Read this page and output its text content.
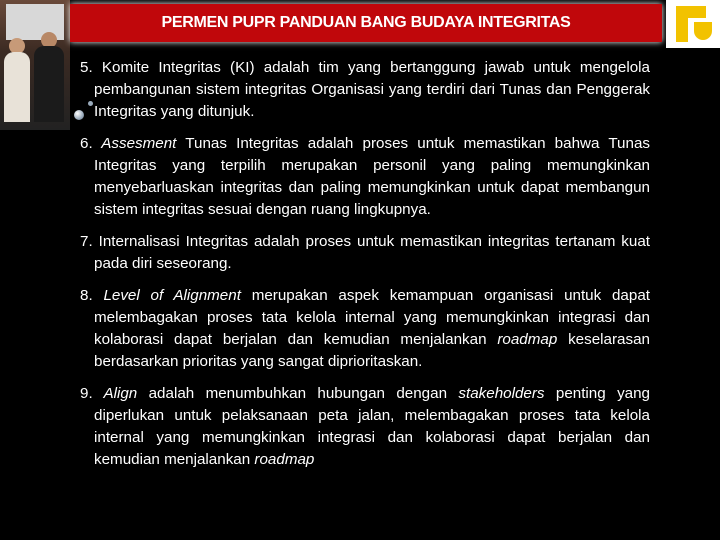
PERMEN PUPR PANDUAN BANG BUDAYA INTEGRITAS

5. Komite Integritas (KI) adalah tim yang bertanggung jawab untuk mengelola pembangunan sistem integritas Organisasi yang terdiri dari Tunas dan Penggerak Integritas yang ditunjuk.

6. Assesment Tunas Integritas adalah proses untuk memastikan bahwa Tunas Integritas yang terpilih merupakan personil yang paling memungkinkan menyebarluaskan integritas dan paling memungkinkan untuk dapat membangun sistem integritas sesuai dengan ruang lingkupnya.

7. Internalisasi Integritas adalah proses untuk memastikan integritas tertanam kuat pada diri seseorang.

8. Level of Alignment merupakan aspek kemampuan organisasi untuk dapat melembagakan proses tata kelola internal yang memungkinkan integrasi dan kolaborasi dapat berjalan dan kemudian menjalankan roadmap keselarasan berdasarkan prioritas yang sangat diprioritaskan.

9. Align adalah menumbuhkan hubungan dengan stakeholders penting yang diperlukan untuk pelaksanaan peta jalan, melembagakan proses tata kelola internal yang memungkinkan integrasi dan kolaborasi dapat berjalan dan kemudian menjalankan roadmap
